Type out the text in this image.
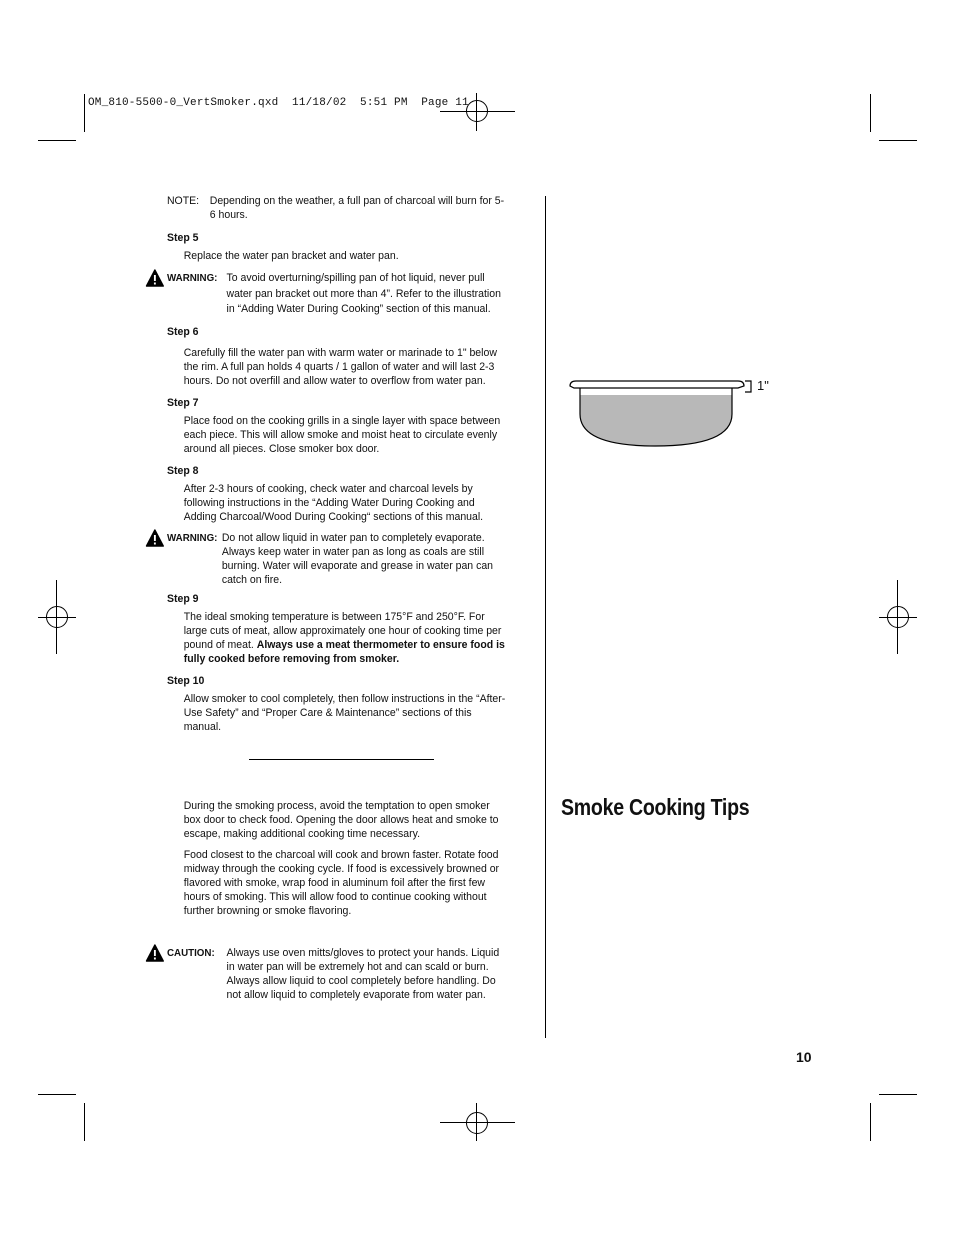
OM_810-5500-0_VertSmoker.qxd  11/18/02  5:51 PM  Page 11
NOTE: Depending on the weather, a full pan of charcoal will burn for 5-6 hours.

Step 5

Replace the water pan bracket and water pan.

WARNING: To avoid overturning/spilling pan of hot liquid, never pull water pan bracket out more than 4”. Refer to the illustration in “Adding Water During Cooking” section of this manual.

Step 6

Carefully fill the water pan with warm water or marinade to 1" below the rim. A full pan holds 4 quarts / 1 gallon of water and will last 2-3 hours. Do not overfill and allow water to overflow from water pan.

Step 7

Place food on the cooking grills in a single layer with space between each piece. This will allow smoke and moist heat to circulate evenly around all pieces. Close smoker box door.

Step 8

After 2-3 hours of cooking, check water and charcoal levels by following instructions in the “Adding Water During Cooking and Adding Charcoal/Wood During Cooking“ sections of this manual.

WARNING: Do not allow liquid in water pan to completely evaporate. Always keep water in water pan as long as coals are still burning. Water will evaporate and grease in water pan can catch on fire.

Step 9

The ideal smoking temperature is between 175°F and 250°F. For large cuts of meat, allow approximately one hour of cooking time per pound of meat. Always use a meat thermometer to ensure food is fully cooked before removing from smoker.

Step 10

Allow smoker to cool completely, then follow instructions in the “After-Use Safety” and “Proper Care & Maintenance” sections of this manual.

During the smoking process, avoid the temptation to open smoker box door to check food. Opening the door allows heat and smoke to escape, making additional cooking time necessary.

Food closest to the charcoal will cook and brown faster. Rotate food midway through the cooking cycle. If food is excessively browned or flavored with smoke, wrap food in aluminum foil after the first few hours of smoking. This will allow food to continue cooking without further browning or smoke flavoring.

CAUTION:	Always use oven mitts/gloves to protect your hands. Liquid in water pan will be extremely hot and can scald or burn. Always allow liquid to cool completely before handling. Do not allow liquid to completely evaporate from water pan.

1"
Smoke Cooking Tips
10
